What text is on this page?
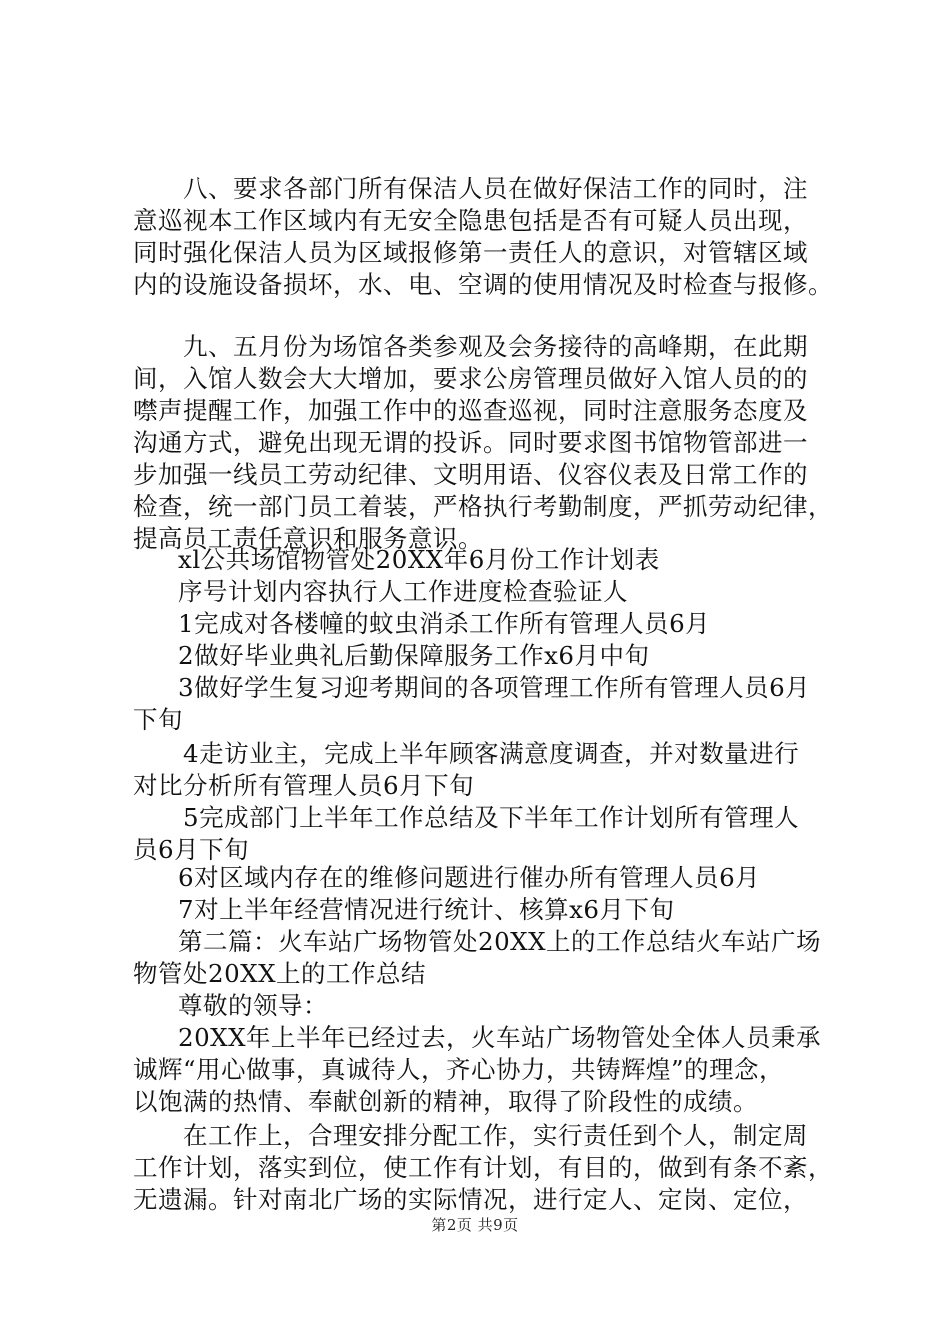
八、要求各部门所有保洁人员在做好保洁工作的同时，注
意巡视本工作区域内有无安全隐患包括是否有可疑人员出现，
同时强化保洁人员为区域报修第一责任人的意识，对管辖区域
内的设施设备损坏，水、电、空调的使用情况及时检查与报修。
九、五月份为场馆各类参观及会务接待的高峰期，在此期
间，入馆人数会大大增加，要求公房管理员做好入馆人员的的
噤声提醒工作，加强工作中的巡查巡视，同时注意服务态度及
沟通方式，避免出现无谓的投诉。同时要求图书馆物管部进一
步加强一线员工劳动纪律、文明用语、仪容仪表及日常工作的
检查，统一部门员工着装，严格执行考勤制度，严抓劳动纪律，
提高员工责任意识和服务意识。
xl公共场馆物管处20XX年6月份工作计划表
序号计划内容执行人工作进度检查验证人
1完成对各楼幢的蚊虫消杀工作所有管理人员6月
2做好毕业典礼后勤保障服务工作x6月中旬
3做好学生复习迎考期间的各项管理工作所有管理人员6月
下旬
4走访业主，完成上半年顾客满意度调查，并对数量进行
对比分析所有管理人员6月下旬
5完成部门上半年工作总结及下半年工作计划所有管理人
员6月下旬
6对区域内存在的维修问题进行催办所有管理人员6月
7对上半年经营情况进行统计、核算x6月下旬
第二篇：火车站广场物管处20XX上的工作总结火车站广场
物管处20XX上的工作总结
尊敬的领导：
20XX年上半年已经过去，火车站广场物管处全体人员秉承
诚辉“用心做事，真诚待人，齐心协力，共铸辉煌”的理念，
以饱满的热情、奉献创新的精神，取得了阶段性的成绩。
在工作上，合理安排分配工作，实行责任到个人，制定周
工作计划，落实到位，使工作有计划，有目的，做到有条不紊，
无遗漏。针对南北广场的实际情况，进行定人、定岗、定位，
第2页 共9页
